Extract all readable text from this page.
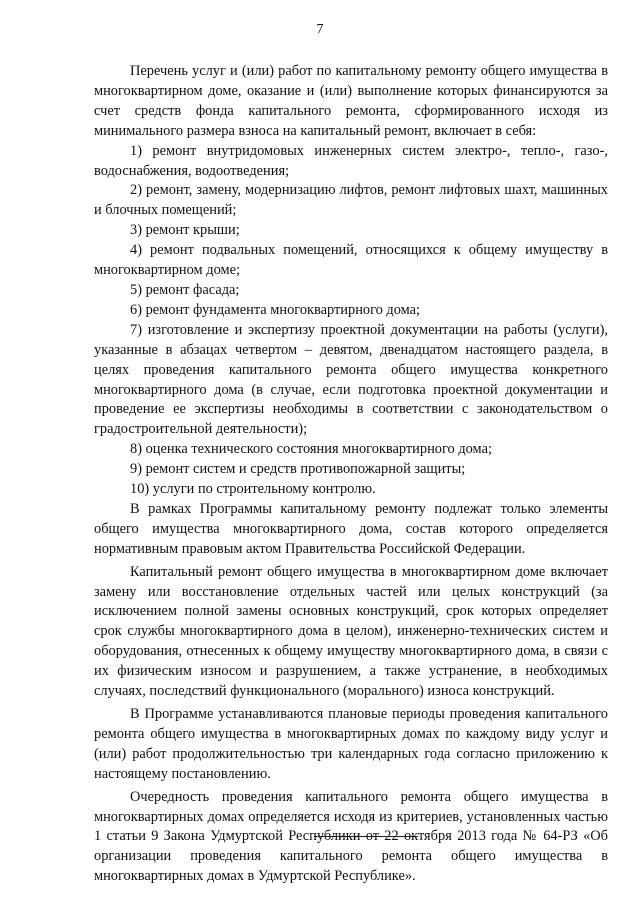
7

Перечень услуг и (или) работ по капитальному ремонту общего имущества в многоквартирном доме, оказание и (или) выполнение которых финансируются за счет средств фонда капитального ремонта, сформированного исходя из минимального размера взноса на капитальный ремонт, включает в себя:

1) ремонт внутридомовых инженерных систем электро-, тепло-, газо-, водоснабжения, водоотведения;

2) ремонт, замену, модернизацию лифтов, ремонт лифтовых шахт, машинных и блочных помещений;

3) ремонт крыши;

4) ремонт подвальных помещений, относящихся к общему имуществу в многоквартирном доме;

5) ремонт фасада;

6) ремонт фундамента многоквартирного дома;

7) изготовление и экспертизу проектной документации на работы (услуги), указанные в абзацах четвертом – девятом, двенадцатом настоящего раздела, в целях проведения капитального ремонта общего имущества конкретного многоквартирного дома (в случае, если подготовка проектной документации и проведение ее экспертизы необходимы в соответствии с законодательством о градостроительной деятельности);

8) оценка технического состояния многоквартирного дома;

9) ремонт систем и средств противопожарной защиты;

10) услуги по строительному контролю.

В рамках Программы капитальному ремонту подлежат только элементы общего имущества многоквартирного дома, состав которого определяется нормативным правовым актом Правительства Российской Федерации.

Капитальный ремонт общего имущества в многоквартирном доме включает замену или восстановление отдельных частей или целых конструкций (за исключением полной замены основных конструкций, срок которых определяет срок службы многоквартирного дома в целом), инженерно-технических систем и оборудования, отнесенных к общему имуществу многоквартирного дома, в связи с их физическим износом и разрушением, а также устранение, в необходимых случаях, последствий функционального (морального) износа конструкций.

В Программе устанавливаются плановые периоды проведения капитального ремонта общего имущества в многоквартирных домах по каждому виду услуг и (или) работ продолжительностью три календарных года согласно приложению к настоящему постановлению.

Очередность проведения капитального ремонта общего имущества в многоквартирных домах определяется исходя из критериев, установленных частью 1 статьи 9 Закона Удмуртской Республики от 22 октября 2013 года № 64-РЗ «Об организации проведения капитального ремонта общего имущества в многоквартирных домах в Удмуртской Республике».
